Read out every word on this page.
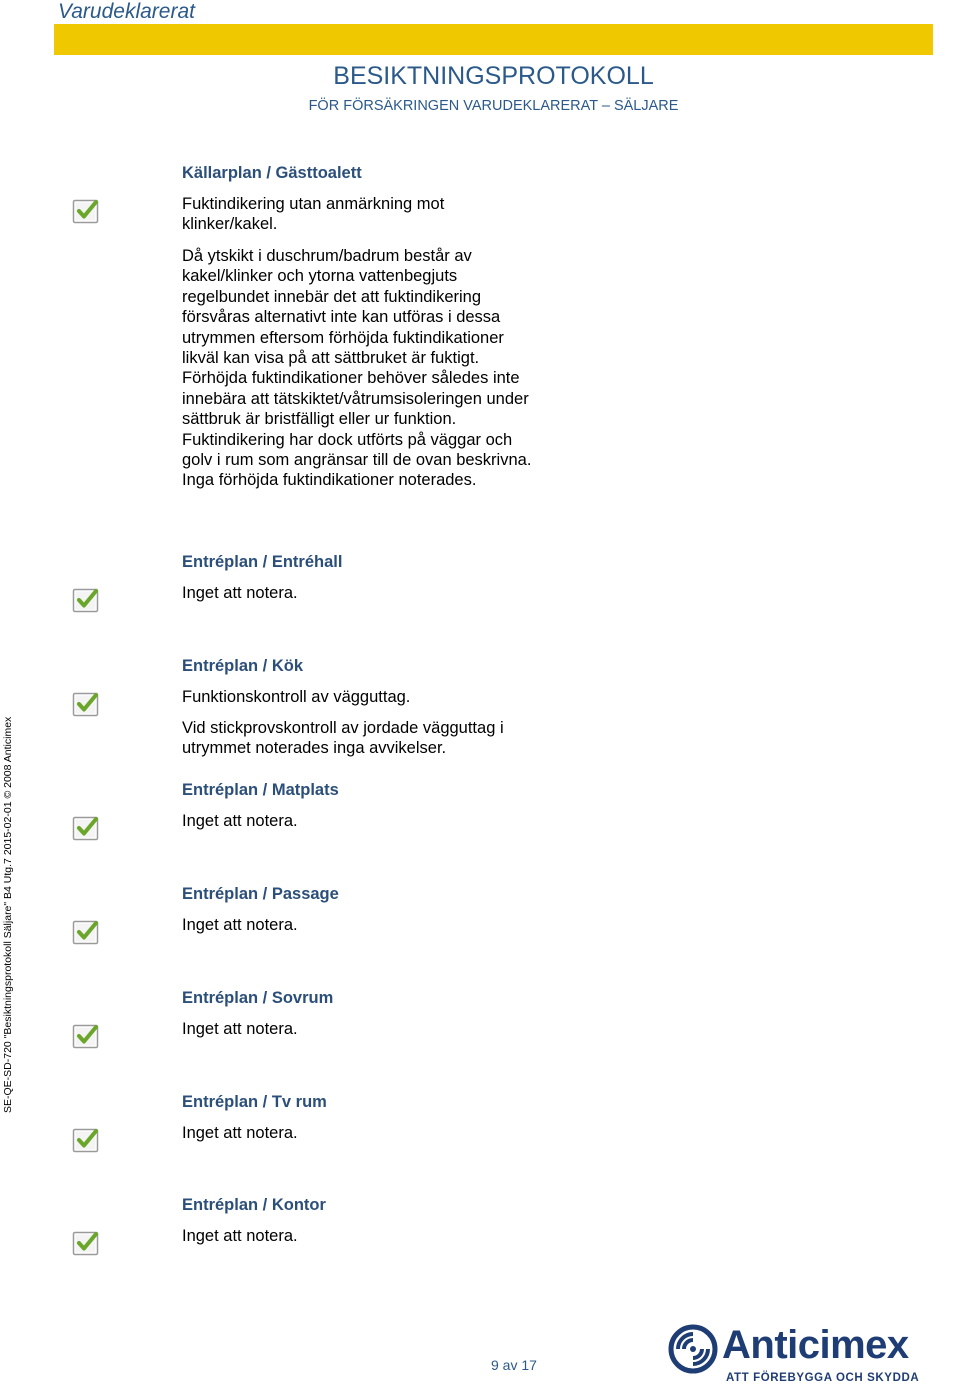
Varudeklarerat
BESIKTNINGSPROTOKOLL
FÖR FÖRSÄKRINGEN VARUDEKLARERAT – SÄLJARE
SE-QE-SD-720 "Besiktningsprotokoll Säljare" B4 Utg.7 2015-02-01 © 2008 Anticimex
Källarplan / Gästtoalett

Fuktindikering utan anmärkning mot klinker/kakel.

Då ytskikt i duschrum/badrum består av kakel/klinker och ytorna vattenbegjuts regelbundet innebär det att fuktindikering försvåras alternativt inte kan utföras i dessa utrymmen eftersom förhöjda fuktindikationer likväl kan visa på att sättbruket är fuktigt. Förhöjda fuktindikationer behöver således inte innebära att tätskiktet/våtrumsisoleringen under sättbruk är bristfälligt eller ur funktion. Fuktindikering har dock utförts på väggar och golv i rum som angränsar till de ovan beskrivna. Inga förhöjda fuktindikationer noterades.

Entréplan / Entréhall

Inget att notera.

Entréplan / Kök

Funktionskontroll av vägguttag.

Vid stickprovskontroll av jordade vägguttag i utrymmet noterades inga avvikelser.

Entréplan / Matplats

Inget att notera.

Entréplan / Passage

Inget att notera.

Entréplan / Sovrum

Inget att notera.

Entréplan / Tv rum

Inget att notera.

Entréplan / Kontor

Inget att notera.

9 av 17	Anticimex
ATT FÖREBYGGA OCH SKYDDA
